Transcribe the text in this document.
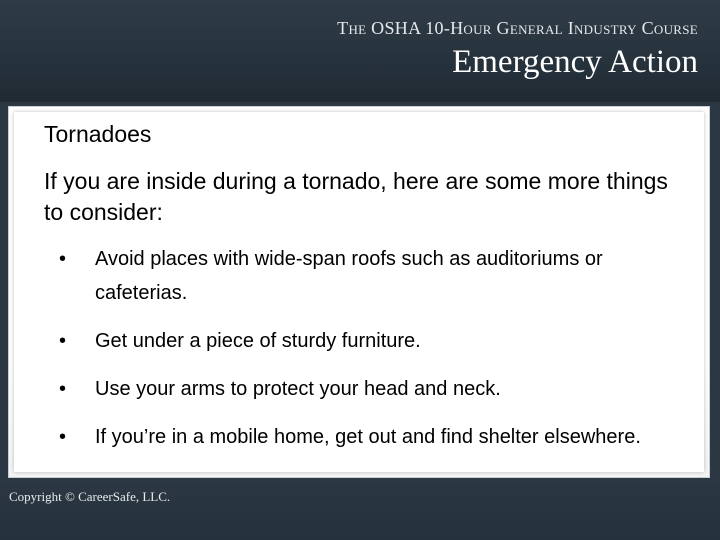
The OSHA 10-Hour General Industry Course
Emergency Action
Tornadoes
If you are inside during a tornado, here are some more things to consider:
• Avoid places with wide-span roofs such as auditoriums or cafeterias.
• Get under a piece of sturdy furniture.
• Use your arms to protect your head and neck.
• If you’re in a mobile home, get out and find shelter elsewhere.
Copyright © CareerSafe, LLC.
